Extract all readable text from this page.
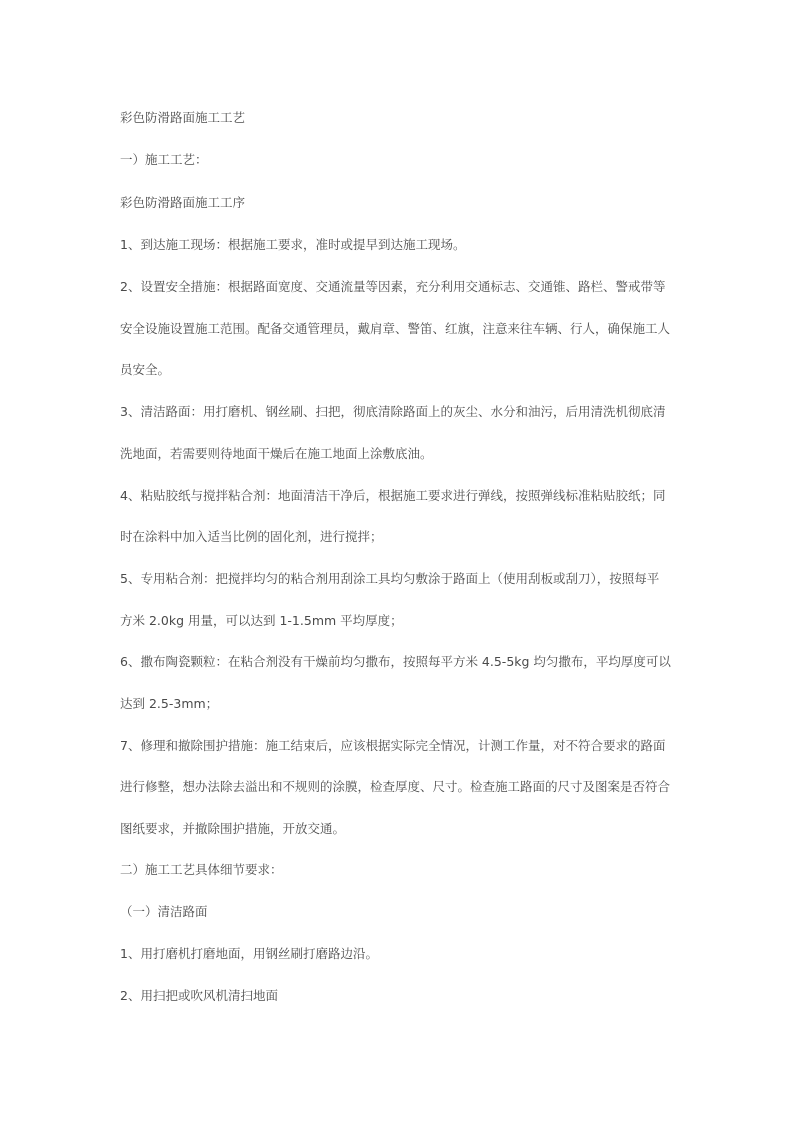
彩色防滑路面施工工艺

一）施工工艺：

彩色防滑路面施工工序

1、到达施工现场：根据施工要求，准时或提早到达施工现场。

2、设置安全措施：根据路面宽度、交通流量等因素，充分利用交通标志、交通锥、路栏、警戒带等

安全设施设置施工范围。配备交通管理员，戴肩章、警笛、红旗，注意来往车辆、行人，确保施工人

员安全。

3、清洁路面：用打磨机、钢丝刷、扫把，彻底清除路面上的灰尘、水分和油污，后用清洗机彻底清

洗地面，若需要则待地面干燥后在施工地面上涂敷底油。

4、粘贴胶纸与搅拌粘合剂：地面清洁干净后，根据施工要求进行弹线，按照弹线标准粘贴胶纸；同

时在涂料中加入适当比例的固化剂，进行搅拌；

5、专用粘合剂：把搅拌均匀的粘合剂用刮涂工具均匀敷涂于路面上（使用刮板或刮刀），按照每平

方米 2.0kg 用量，可以达到 1-1.5mm 平均厚度；

6、撒布陶瓷颗粒：在粘合剂没有干燥前均匀撒布，按照每平方米 4.5-5kg 均匀撒布，平均厚度可以

达到 2.5-3mm；

7、修理和撤除围护措施：施工结束后，应该根据实际完全情况，计测工作量，对不符合要求的路面

进行修整，想办法除去溢出和不规则的涂膜，检查厚度、尺寸。检查施工路面的尺寸及图案是否符合

图纸要求，并撤除围护措施，开放交通。

二）施工工艺具体细节要求：

（一）清洁路面

1、用打磨机打磨地面，用钢丝刷打磨路边沿。

2、用扫把或吹风机清扫地面
